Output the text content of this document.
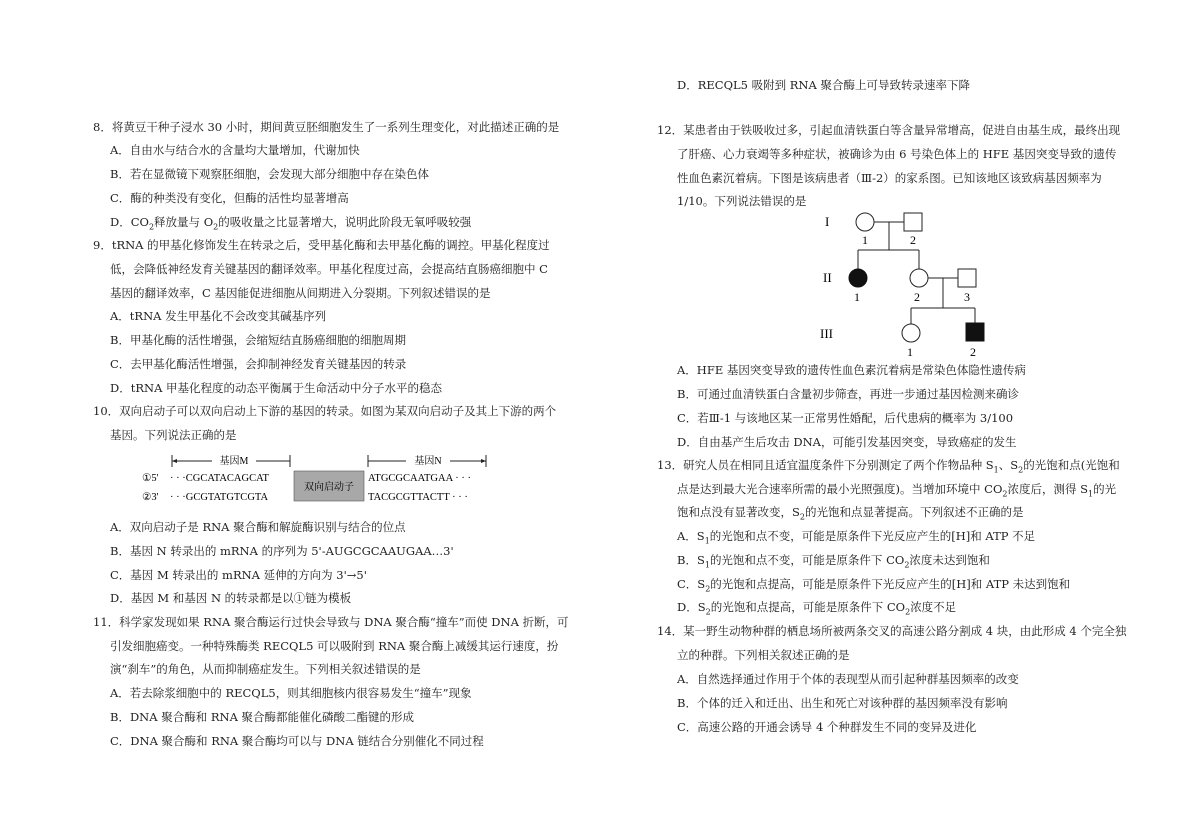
8．将黄豆干种子浸水 30 小时，期间黄豆胚细胞发生了一系列生理变化，对此描述正确的是
A．自由水与结合水的含量均大量增加，代谢加快
B．若在显微镜下观察胚细胞，会发现大部分细胞中存在染色体
C．酶的种类没有变化，但酶的活性均显著增高
D．$CO_2$释放量与 $O_2$的吸收量之比显著增大，说明此阶段无氧呼吸较强
9．tRNA 的甲基化修饰发生在转录之后，受甲基化酶和去甲基化酶的调控。甲基化程度过
低，会降低神经发育关键基因的翻译效率。甲基化程度过高，会提高结直肠癌细胞中 C
基因的翻译效率，C 基因能促进细胞从间期进入分裂期。下列叙述错误的是
A．tRNA 发生甲基化不会改变其碱基序列
B．甲基化酶的活性增强，会缩短结直肠癌细胞的细胞周期
C．去甲基化酶活性增强，会抑制神经发育关键基因的转录
D．tRNA 甲基化程度的动态平衡属于生命活动中分子水平的稳态
10．双向启动子可以双向启动上下游的基因的转录。如图为某双向启动子及其上下游的两个
基因。下列说法正确的是
基因M	基因N
①5'
②3'
· · ·CGCATACAGCAT
· · ·GCGTATGTCGTA
双向启动子
ATGCGCAATGAA · · ·
TACGCGTTACTT · · ·
A．双向启动子是 RNA 聚合酶和解旋酶识别与结合的位点
B．基因 N 转录出的 mRNA 的序列为 5'-AUGCGCAAUGAA…3'
C．基因 M 转录出的 mRNA 延伸的方向为 3'→5'
D．基因 M 和基因 N 的转录都是以①链为模板
11．科学家发现如果 RNA 聚合酶运行过快会导致与 DNA 聚合酶“撞车”而使 DNA 折断，可
引发细胞癌变。一种特殊酶类 RECQL5 可以吸附到 RNA 聚合酶上减缓其运行速度，扮
演“刹车”的角色，从而抑制癌症发生。下列相关叙述错误的是
A．若去除浆细胞中的 RECQL5，则其细胞核内很容易发生“撞车”现象
B．DNA 聚合酶和 RNA 聚合酶都能催化磷酸二酯键的形成
C．DNA 聚合酶和 RNA 聚合酶均可以与 DNA 链结合分别催化不同过程
D．RECQL5 吸附到 RNA 聚合酶上可导致转录速率下降
12．某患者由于铁吸收过多，引起血清铁蛋白等含量异常增高，促进自由基生成，最终出现
了肝癌、心力衰竭等多种症状，被确诊为由 6 号染色体上的 HFE 基因突变导致的遗传
性血色素沉着病。下图是该病患者（Ⅲ-2）的家系图。已知该地区该致病基因频率为
1/10。下列说法错误的是
I
II
III
1	2
1	2	3
1	2
A．HFE 基因突变导致的遗传性血色素沉着病是常染色体隐性遗传病
B．可通过血清铁蛋白含量初步筛查，再进一步通过基因检测来确诊
C．若Ⅲ-1 与该地区某一正常男性婚配，后代患病的概率为 3/100
D．自由基产生后攻击 DNA，可能引发基因突变，导致癌症的发生
13．研究人员在相同且适宜温度条件下分别测定了两个作物品种 $S_1$、$S_2$的光饱和点(光饱和
点是达到最大光合速率所需的最小光照强度)。当增加环境中 $CO_2$浓度后，测得 $S_1$的光
饱和点没有显著改变，$S_2$的光饱和点显著提高。下列叙述不正确的是
A．$S_1$的光饱和点不变，可能是原条件下光反应产生的[H]和 ATP 不足
B．$S_1$的光饱和点不变，可能是原条件下 $CO_2$浓度未达到饱和
C．$S_2$的光饱和点提高，可能是原条件下光反应产生的[H]和 ATP 未达到饱和
D．$S_2$的光饱和点提高，可能是原条件下 $CO_2$浓度不足
14．某一野生动物种群的栖息场所被两条交叉的高速公路分割成 4 块，由此形成 4 个完全独
立的种群。下列相关叙述正确的是
A．自然选择通过作用于个体的表现型从而引起种群基因频率的改变
B．个体的迁入和迁出、出生和死亡对该种群的基因频率没有影响
C．高速公路的开通会诱导 4 个种群发生不同的变异及进化
